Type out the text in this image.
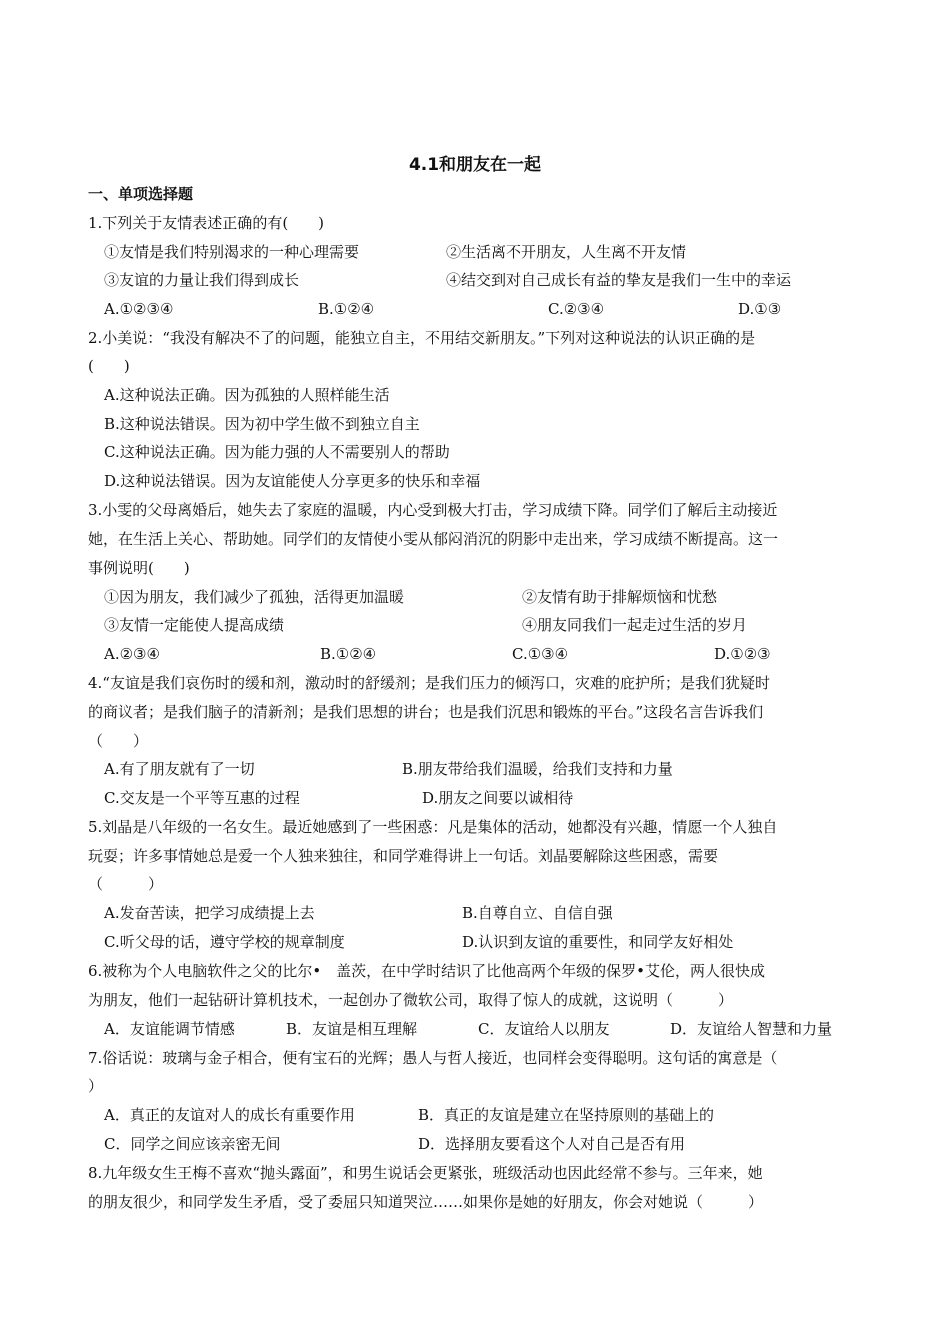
4.1和朋友在一起
一、单项选择题
1.下列关于友情表述正确的有(　　)
①友情是我们特别渴求的一种心理需要	②生活离不开朋友，人生离不开友情
③友谊的力量让我们得到成长	④结交到对自己成长有益的挚友是我们一生中的幸运
A.①②③④	B.①②④	C.②③④	D.①③
2.小美说：“我没有解决不了的问题，能独立自主，不用结交新朋友。”下列对这种说法的认识正确的是
(　　)
A.这种说法正确。因为孤独的人照样能生活
B.这种说法错误。因为初中学生做不到独立自主
C.这种说法正确。因为能力强的人不需要别人的帮助
D.这种说法错误。因为友谊能使人分享更多的快乐和幸福
3.小雯的父母离婚后，她失去了家庭的温暖，内心受到极大打击，学习成绩下降。同学们了解后主动接近
她，在生活上关心、帮助她。同学们的友情使小雯从郁闷消沉的阴影中走出来，学习成绩不断提高。这一
事例说明(　　)
①因为朋友，我们减少了孤独，活得更加温暖	②友情有助于排解烦恼和忧愁
③友情一定能使人提高成绩	④朋友同我们一起走过生活的岁月
A.②③④	B.①②④	C.①③④	D.①②③
4.“友谊是我们哀伤时的缓和剂，激动时的舒缓剂；是我们压力的倾泻口，灾难的庇护所；是我们犹疑时
的商议者；是我们脑子的清新剂；是我们思想的讲台；也是我们沉思和锻炼的平台。”这段名言告诉我们
（　　）
A.有了朋友就有了一切	B.朋友带给我们温暖，给我们支持和力量
C.交友是一个平等互惠的过程	D.朋友之间要以诚相待
5.刘晶是八年级的一名女生。最近她感到了一些困惑：凡是集体的活动，她都没有兴趣，情愿一个人独自
玩耍；许多事情她总是爱一个人独来独往，和同学难得讲上一句话。刘晶要解除这些困惑，需要
（　　　）
A.发奋苦读，把学习成绩提上去	B.自尊自立、自信自强
C.听父母的话，遵守学校的规章制度	D.认识到友谊的重要性，和同学友好相处
6.被称为个人电脑软件之父的比尔•　盖茨，在中学时结识了比他高两个年级的保罗•艾伦，两人很快成
为朋友，他们一起钻研计算机技术，一起创办了微软公司，取得了惊人的成就，这说明（　　　）
A．友谊能调节情感	B．友谊是相互理解	C．友谊给人以朋友	D．友谊给人智慧和力量
7.俗话说：玻璃与金子相合，便有宝石的光辉；愚人与哲人接近，也同样会变得聪明。这句话的寓意是（
）
A．真正的友谊对人的成长有重要作用	B．真正的友谊是建立在坚持原则的基础上的
C．同学之间应该亲密无间	D．选择朋友要看这个人对自己是否有用
8.九年级女生王梅不喜欢“抛头露面”，和男生说话会更紧张，班级活动也因此经常不参与。三年来，她
的朋友很少，和同学发生矛盾，受了委屈只知道哭泣……如果你是她的好朋友，你会对她说（　　　）
